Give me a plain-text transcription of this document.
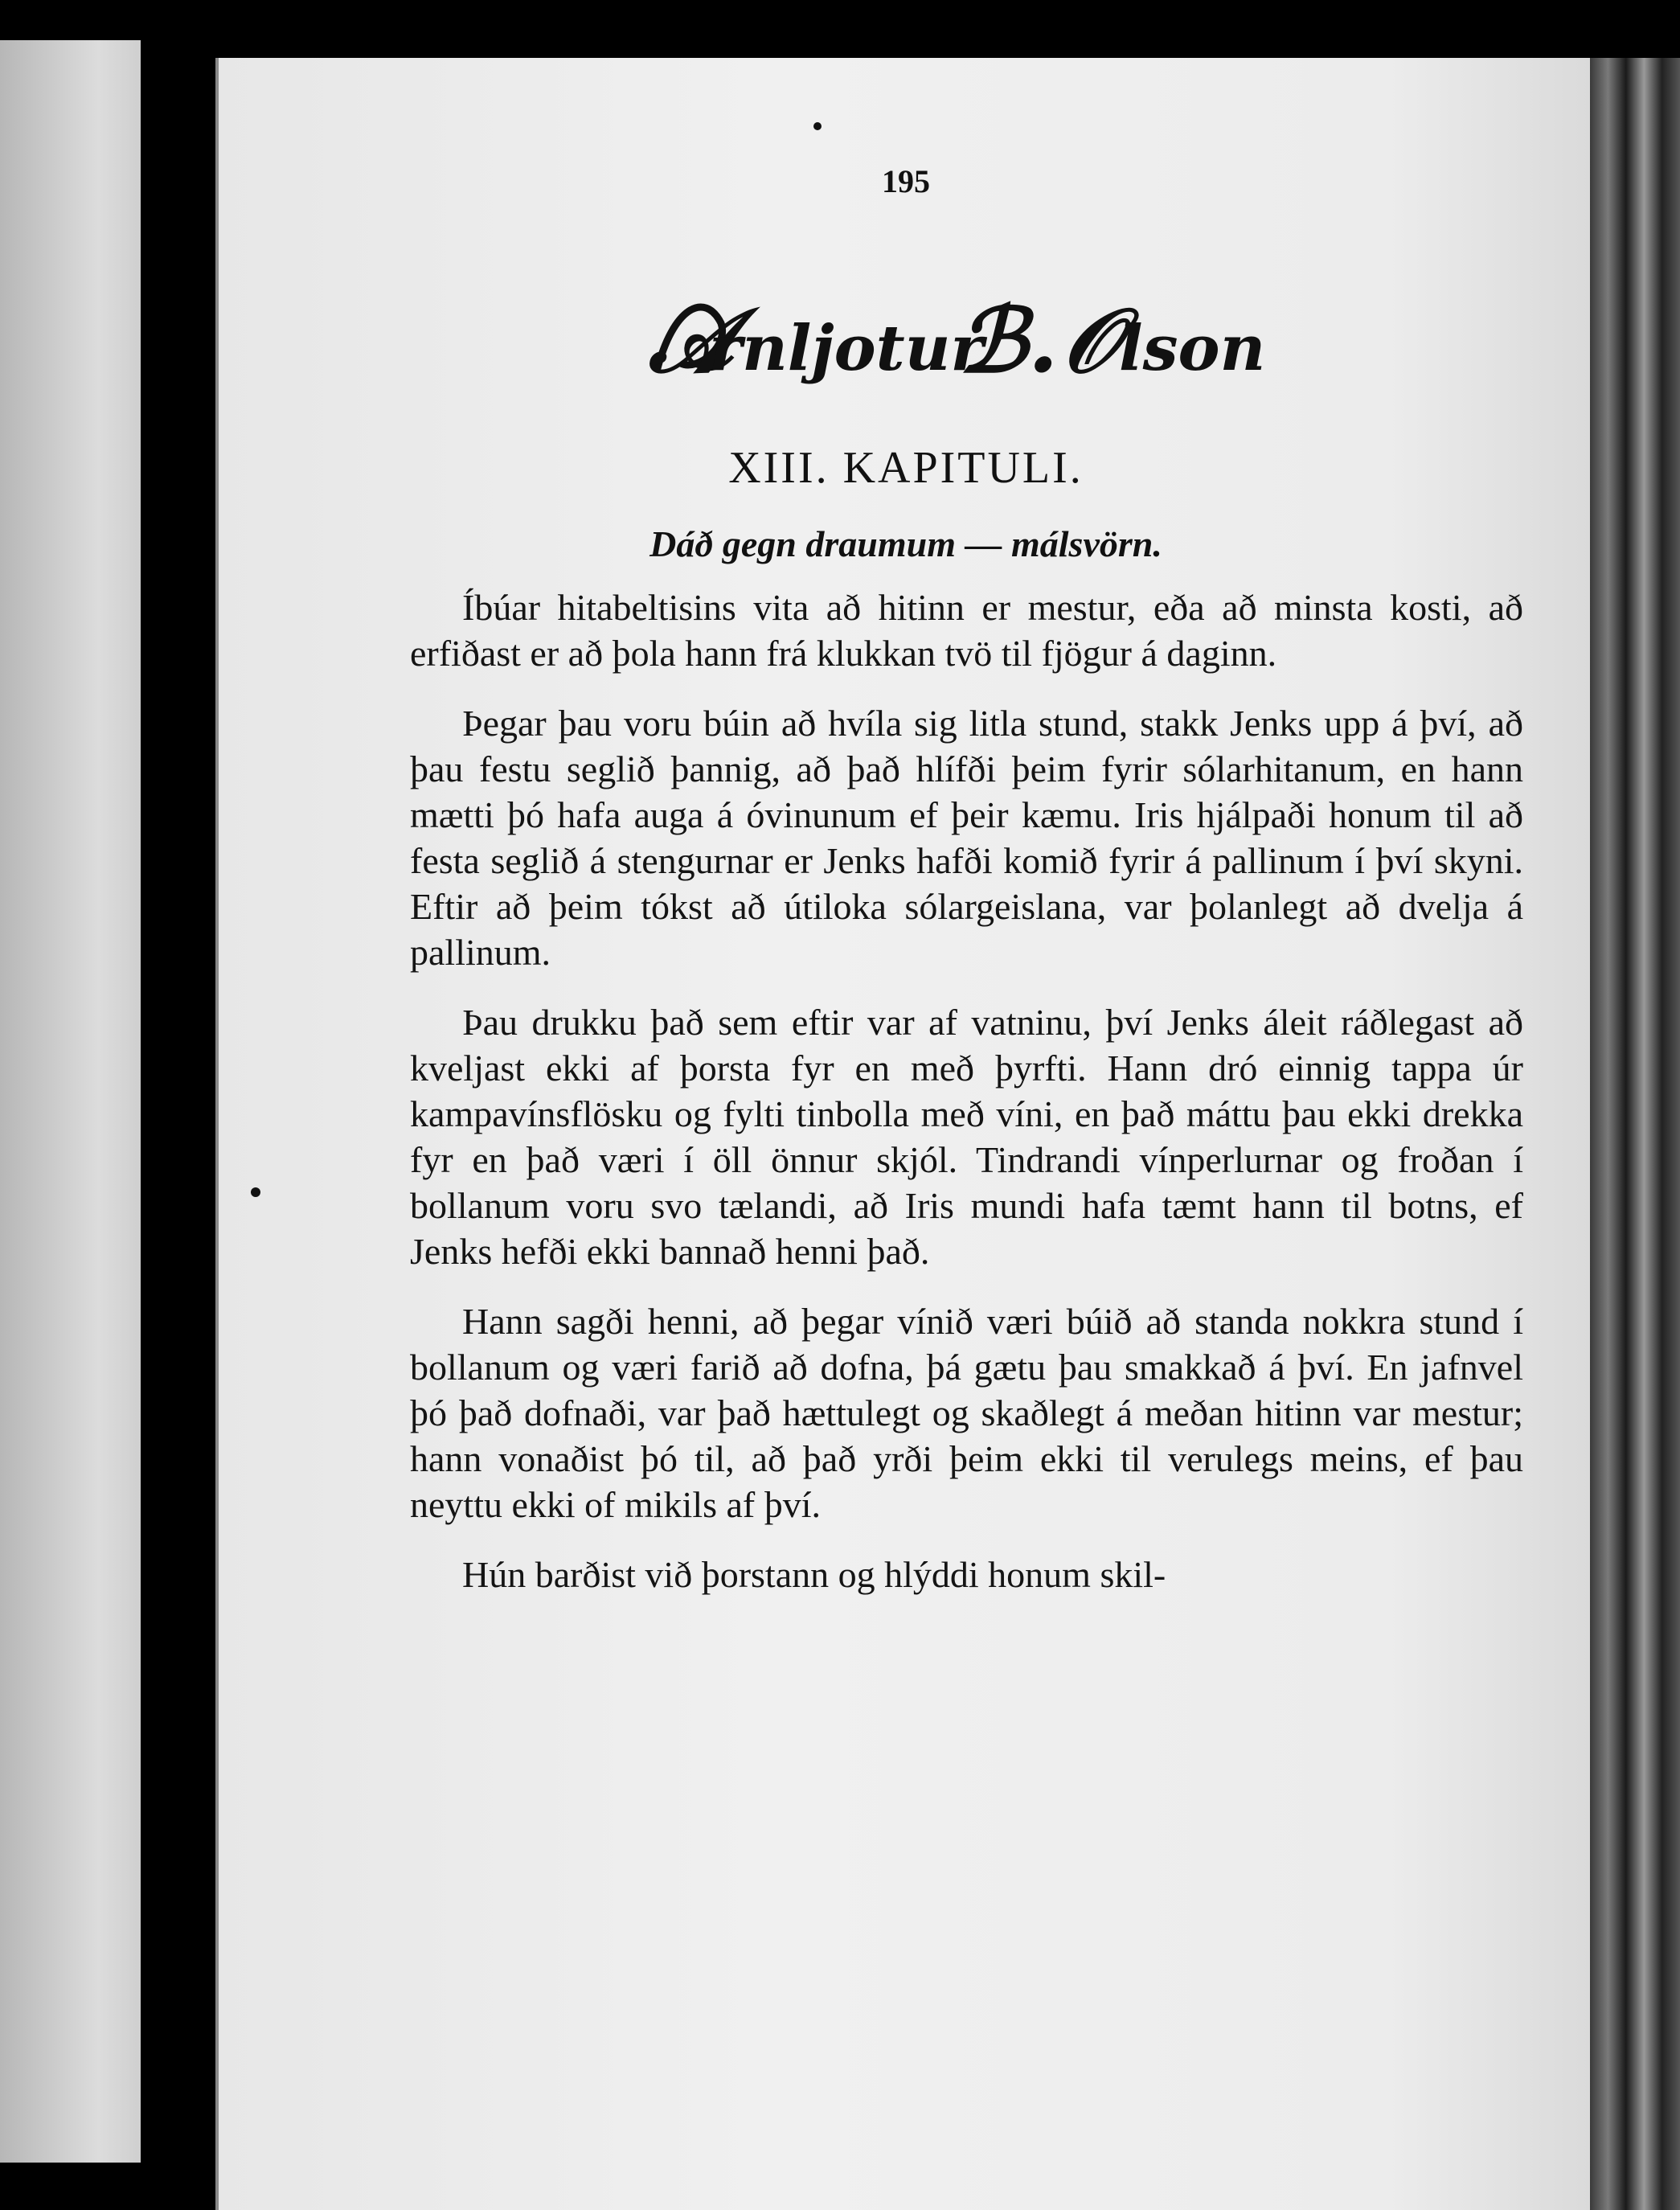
195
𝒜
rnljotur
ℬ. 𝒪 lson
XIII. KAPITULI.
Dáð gegn draumum — málsvörn.

Íbúar hitabeltisins vita að hitinn er mestur, eða að minsta kosti, að erfiðast er að þola hann frá klukkan tvö til fjögur á daginn.

Þegar þau voru búin að hvíla sig litla stund, stakk Jenks upp á því, að þau festu seglið þannig, að það hlífði þeim fyrir sólarhitanum, en hann mætti þó hafa auga á óvinunum ef þeir kæmu. Iris hjálpaði honum til að festa seglið á stengurnar er Jenks hafði komið fyrir á pallinum í því skyni. Eftir að þeim tókst að útiloka sólargeislana, var þolanlegt að dvelja á pallinum.

Þau drukku það sem eftir var af vatninu, því Jenks áleit ráðlegast að kveljast ekki af þorsta fyr en með þyrfti. Hann dró einnig tappa úr kampavínsflösku og fylti tinbolla með víni, en það máttu þau ekki drekka fyr en það væri í öll önnur skjól. Tindrandi vínperlurnar og froðan í bollanum voru svo tælandi, að Iris mundi hafa tæmt hann til botns, ef Jenks hefði ekki bannað henni það.

Hann sagði henni, að þegar vínið væri búið að standa nokkra stund í bollanum og væri farið að dofna, þá gætu þau smakkað á því. En jafnvel þó það dofnaði, var það hættulegt og skaðlegt á meðan hitinn var mestur; hann vonaðist þó til, að það yrði þeim ekki til verulegs meins, ef þau neyttu ekki of mikils af því.

Hún barðist við þorstann og hlýddi honum skil-
